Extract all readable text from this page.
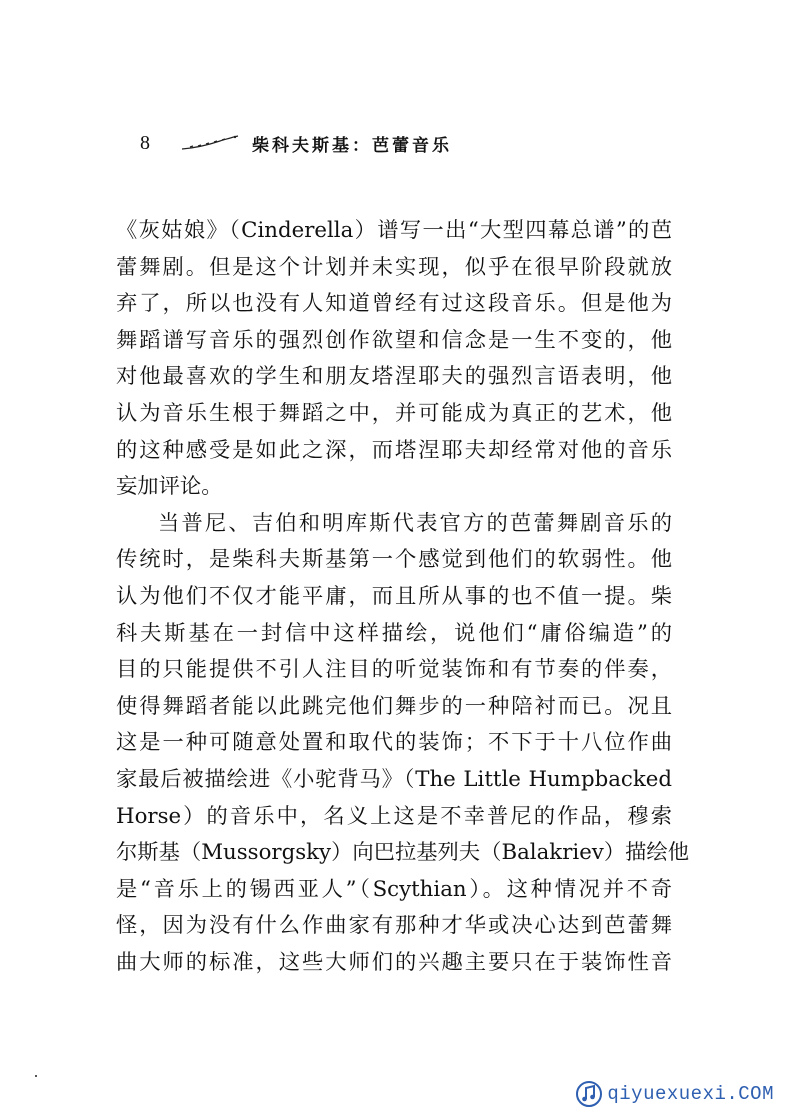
8	柴科夫斯基：芭蕾音乐
《灰姑娘》（Cinderella）谱写一出“大型四幕总谱”的芭
蕾舞剧。但是这个计划并未实现，似乎在很早阶段就放
弃了，所以也没有人知道曾经有过这段音乐。但是他为
舞蹈谱写音乐的强烈创作欲望和信念是一生不变的，他
对他最喜欢的学生和朋友塔涅耶夫的强烈言语表明，他
认为音乐生根于舞蹈之中，并可能成为真正的艺术，他
的这种感受是如此之深，而塔涅耶夫却经常对他的音乐
妄加评论。
当普尼、吉伯和明库斯代表官方的芭蕾舞剧音乐的
传统时，是柴科夫斯基第一个感觉到他们的软弱性。他
认为他们不仅才能平庸，而且所从事的也不值一提。柴
科夫斯基在一封信中这样描绘，说他们“庸俗编造”的
目的只能提供不引人注目的听觉装饰和有节奏的伴奏，
使得舞蹈者能以此跳完他们舞步的一种陪衬而已。况且
这是一种可随意处置和取代的装饰；不下于十八位作曲
家最后被描绘进《小驼背马》（The Little Humpbacked
Horse）的音乐中，名义上这是不幸普尼的作品，穆索
尔斯基（Mussorgsky）向巴拉基列夫（Balakriev）描绘他
是“音乐上的锡西亚人”（Scythian）。这种情况并不奇
怪，因为没有什么作曲家有那种才华或决心达到芭蕾舞
曲大师的标准，这些大师们的兴趣主要只在于装饰性音
qiyuexuexi.COM
